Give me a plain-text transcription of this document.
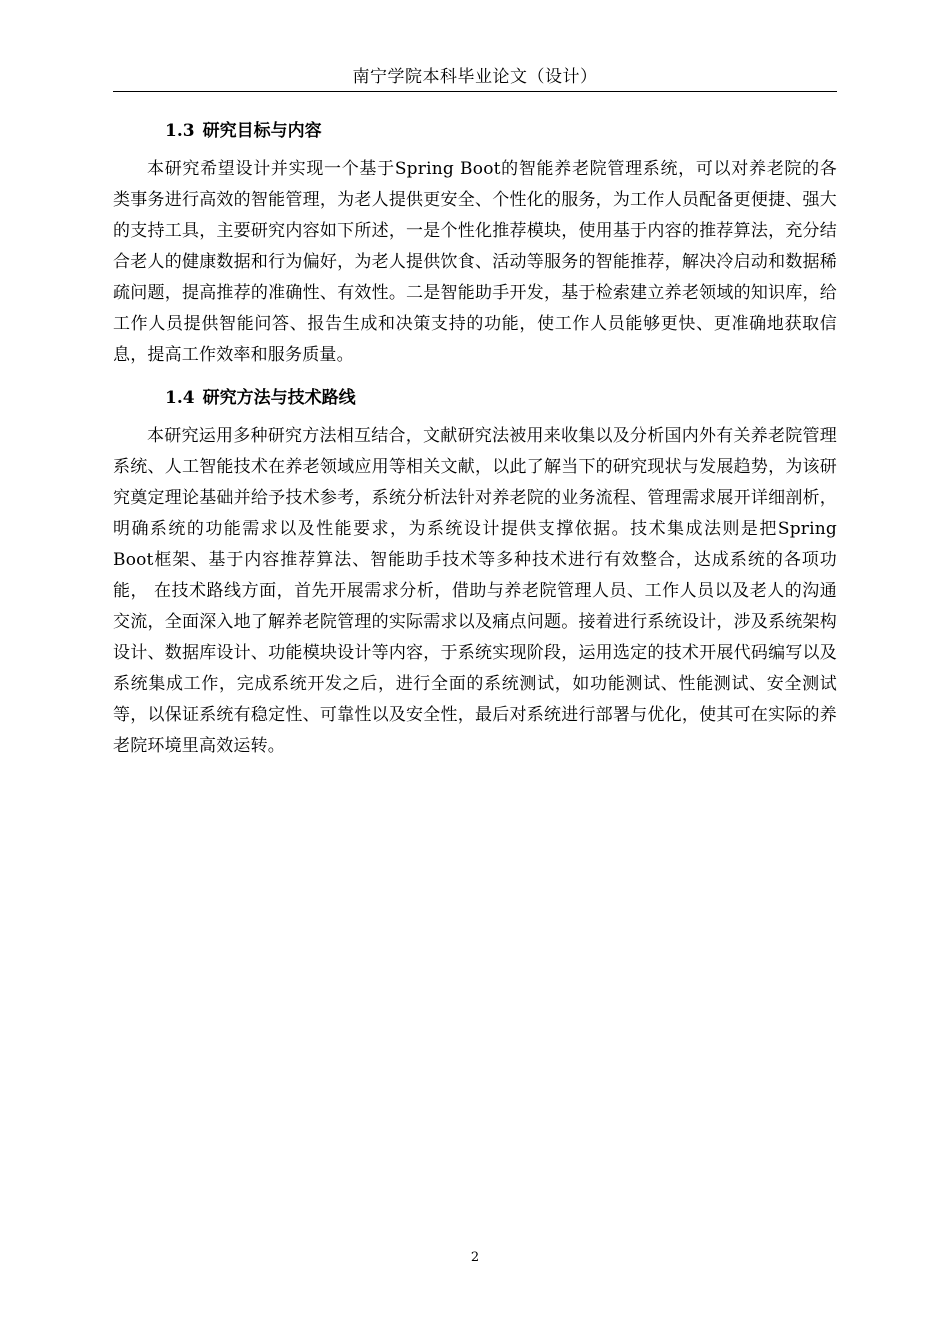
南宁学院本科毕业论文（设计）
1.3 研究目标与内容

本研究希望设计并实现一个基于Spring Boot的智能养老院管理系统，可以对养老院的各类事务进行高效的智能管理，为老人提供更安全、个性化的服务，为工作人员配备更便捷、强大的支持工具，主要研究内容如下所述，一是个性化推荐模块，使用基于内容的推荐算法，充分结合老人的健康数据和行为偏好，为老人提供饮食、活动等服务的智能推荐，解决冷启动和数据稀疏问题，提高推荐的准确性、有效性。二是智能助手开发，基于检索建立养老领域的知识库，给工作人员提供智能问答、报告生成和决策支持的功能，使工作人员能够更快、更准确地获取信息，提高工作效率和服务质量。

1.4 研究方法与技术路线

本研究运用多种研究方法相互结合，文献研究法被用来收集以及分析国内外有关养老院管理系统、人工智能技术在养老领域应用等相关文献，以此了解当下的研究现状与发展趋势，为该研究奠定理论基础并给予技术参考，系统分析法针对养老院的业务流程、管理需求展开详细剖析，明确系统的功能需求以及性能要求，为系统设计提供支撑依据。技术集成法则是把Spring Boot框架、基于内容推荐算法、智能助手技术等多种技术进行有效整合，达成系统的各项功能， 在技术路线方面，首先开展需求分析，借助与养老院管理人员、工作人员以及老人的沟通交流，全面深入地了解养老院管理的实际需求以及痛点问题。接着进行系统设计，涉及系统架构设计、数据库设计、功能模块设计等内容，于系统实现阶段，运用选定的技术开展代码编写以及系统集成工作，完成系统开发之后，进行全面的系统测试，如功能测试、性能测试、安全测试等，以保证系统有稳定性、可靠性以及安全性，最后对系统进行部署与优化，使其可在实际的养老院环境里高效运转。

2
